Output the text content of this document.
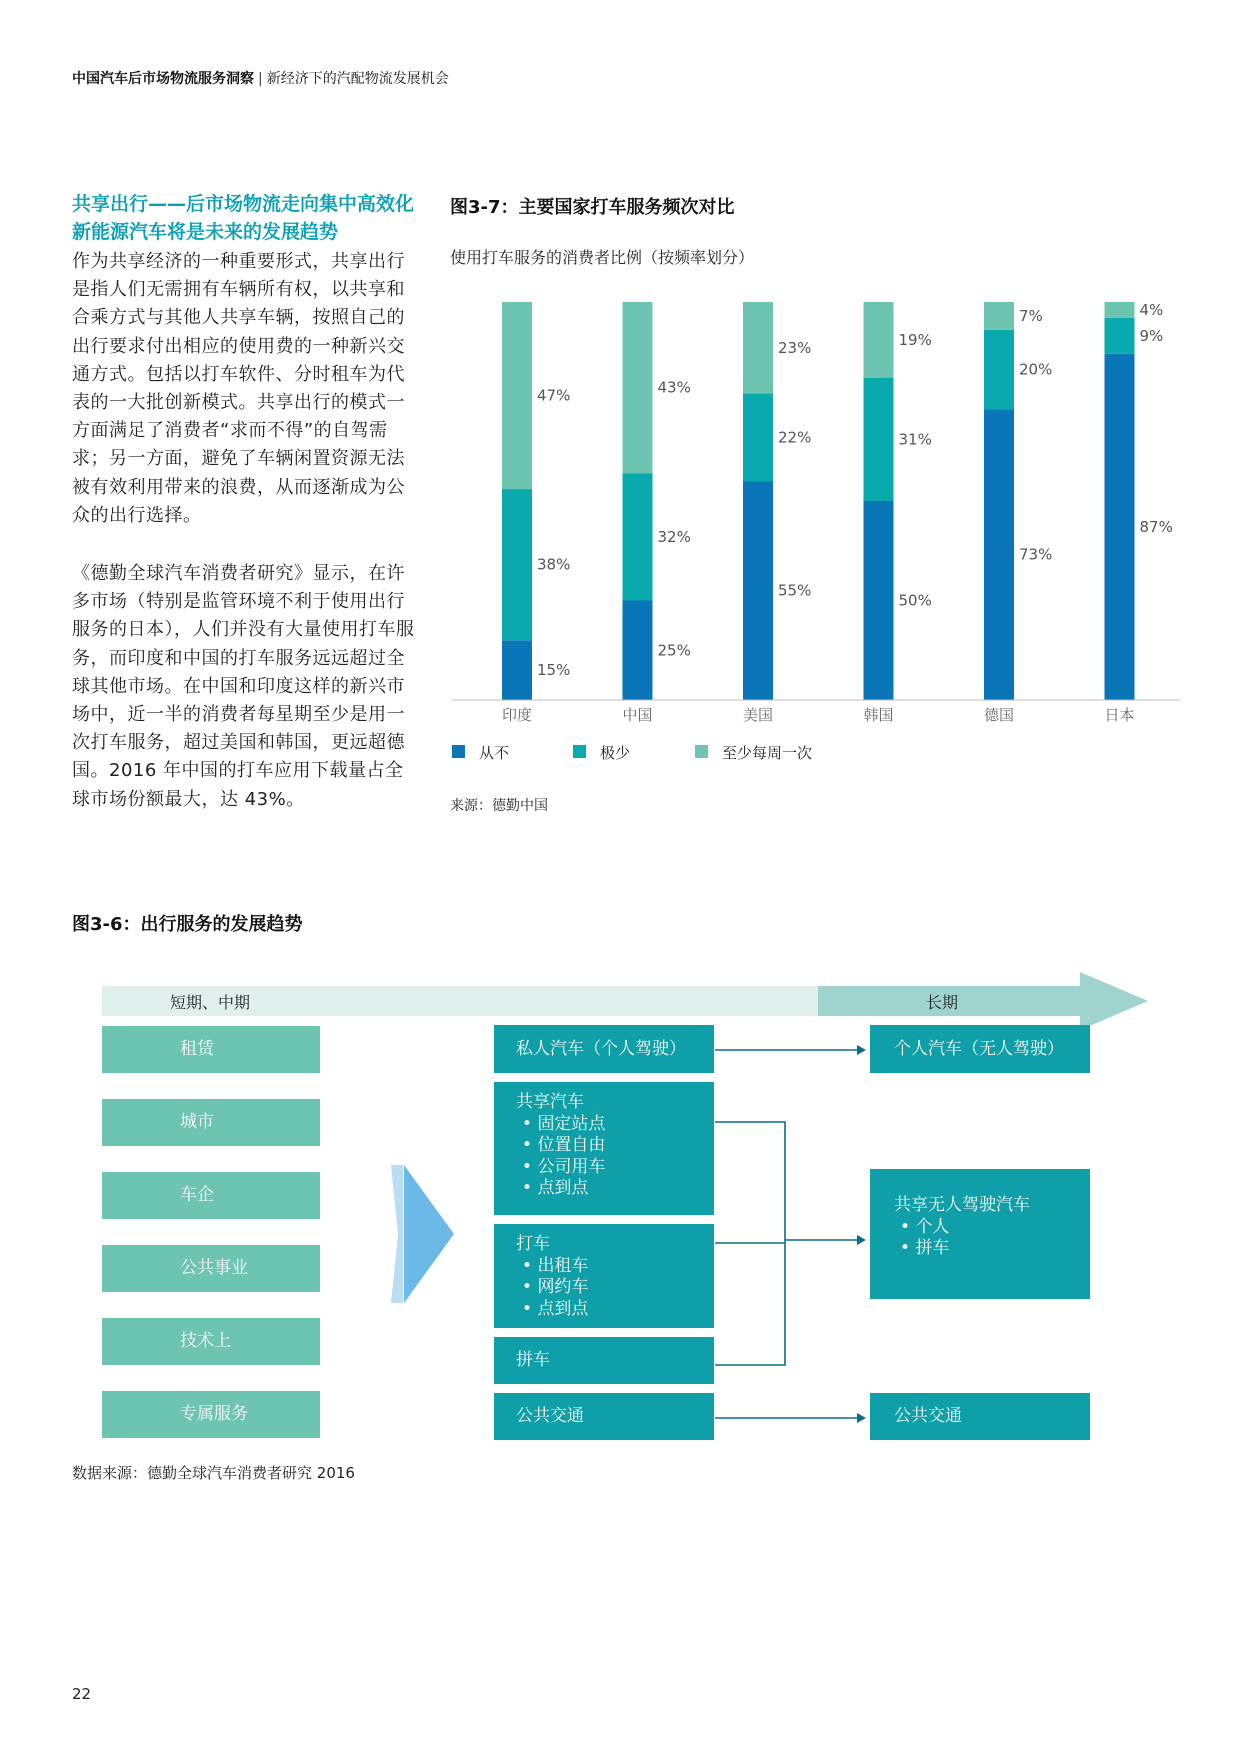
中国汽车后市场物流服务洞察 | 新经济下的汽配物流发展机会
共享出行——后市场物流走向集中高效化
新能源汽车将是未来的发展趋势
作为共享经济的一种重要形式，共享出行是指人们无需拥有车辆所有权，以共享和合乘方式与其他人共享车辆，按照自己的出行要求付出相应的使用费的一种新兴交通方式。包括以打车软件、分时租车为代表的一大批创新模式。共享出行的模式一方面满足了消费者“求而不得”的自驾需求；另一方面，避免了车辆闲置资源无法被有效利用带来的浪费，从而逐渐成为公众的出行选择。
《德勤全球汽车消费者研究》显示，在许多市场（特别是监管环境不利于使用出行服务的日本），人们并没有大量使用打车服务，而印度和中国的打车服务远远超过全球其他市场。在中国和印度这样的新兴市场中，近一半的消费者每星期至少是用一次打车服务，超过美国和韩国，更远超德国。2016 年中国的打车应用下载量占全球市场份额最大，达 43%。
图3-7：主要国家打车服务频次对比
使用打车服务的消费者比例（按频率划分）
15%
38%
47%
印度
25%
32%
43%
中国
55%
22%
23%
美国
50%
31%
19%
韩国
73%
20%
7%
德国
87%
9%
4%
日本
从不	极少	至少每周一次
来源：德勤中国
图3-6：出行服务的发展趋势
短期、中期	长期
租赁
城市
车企
公共事业
技术上
专属服务
私人汽车（个人驾驶）
共享汽车
• 固定站点
• 位置自由
• 公司用车
• 点到点
打车
• 出租车
• 网约车
• 点到点
拼车
公共交通
个人汽车（无人驾驶）
共享无人驾驶汽车
• 个人
• 拼车
公共交通
数据来源：德勤全球汽车消费者研究 2016
22
